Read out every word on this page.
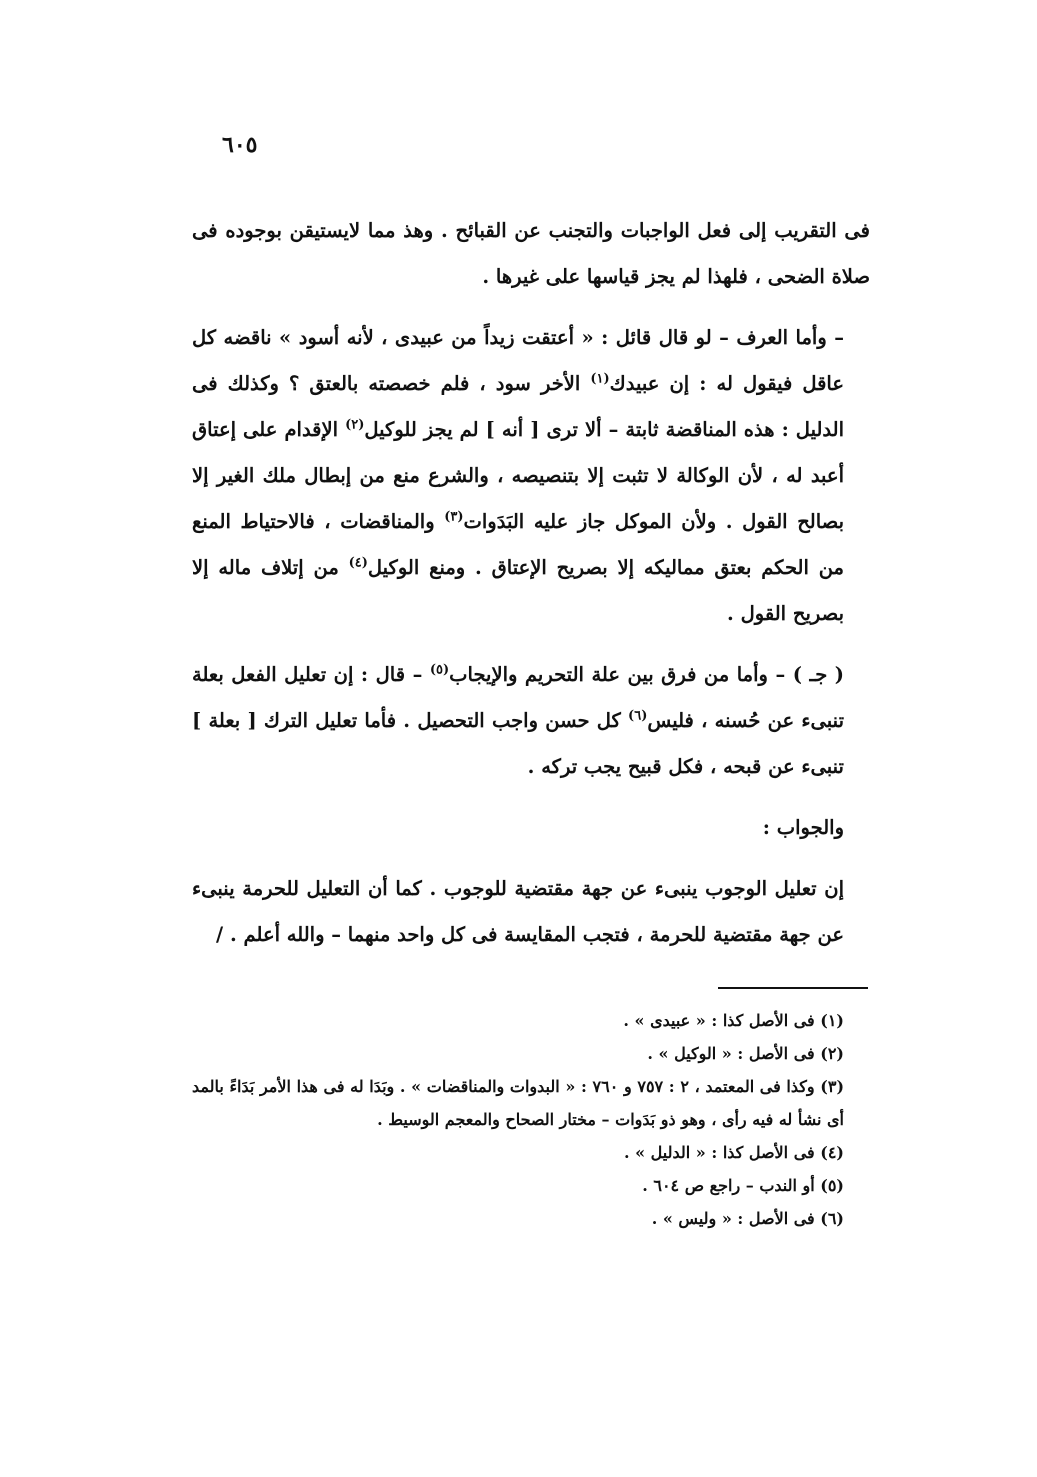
٦٠٥

فى التقريب إلى فعل الواجبات والتجنب عن القبائح . وهذ مما لايستيقن بوجوده فى صلاة الضحى ، فلهذا لم يجز قياسها على غيرها .

– وأما العرف – لو قال قائل : « أعتقت زيداً من عبيدى ، لأنه أسود » ناقضه كل عاقل فيقول له : إن عبيدك$^{(١)}$ الأخر سود ، فلم خصصته بالعتق ؟ وكذلك فى الدليل : هذه المناقضة ثابتة – ألا ترى [ أنه ] لم يجز للوكيل$^{(٢)}$ الإقدام على إعتاق أعبد له ، لأن الوكالة لا تثبت إلا بتنصيصه ، والشرع منع من إبطال ملك الغير إلا بصالح القول . ولأن الموكل جاز عليه البَدَوات$^{(٣)}$ والمناقضات ، فالاحتياط المنع من الحكم بعتق مماليكه إلا بصريح الإعتاق . ومنع الوكيل$^{(٤)}$ من إتلاف ماله إلا بصريح القول .

( جـ ) – وأما من فرق بين علة التحريم والإيجاب$^{(٥)}$ – قال : إن تعليل الفعل بعلة تنبىء عن حُسنه ، فليس$^{(٦)}$ كل حسن واجب التحصيل . فأما تعليل الترك [ بعلة ] تنبىء عن قبحه ، فكل قبيح يجب تركه .

والجواب :

إن تعليل الوجوب ينبىء عن جهة مقتضية للوجوب . كما أن التعليل للحرمة ينبىء عن جهة مقتضية للحرمة ، فتجب المقايسة فى كل واحد منهما – والله أعلم . /

(١) فى الأصل كذا : « عبيدى » .

(٢) فى الأصل : « الوكيل » .

(٣) وكذا فى المعتمد ، ٢ : ٧٥٧ و ٧٦٠ : « البدوات والمناقضات » . وبَدَا له فى هذا الأمر بَدَاءً بالمد أى نشأ له فيه رأى ، وهو ذو بَدَوات – مختار الصحاح والمعجم الوسيط .

(٤) فى الأصل كذا : « الدليل » .

(٥) أو الندب – راجع ص ٦٠٤ .

(٦) فى الأصل : « وليس » .
